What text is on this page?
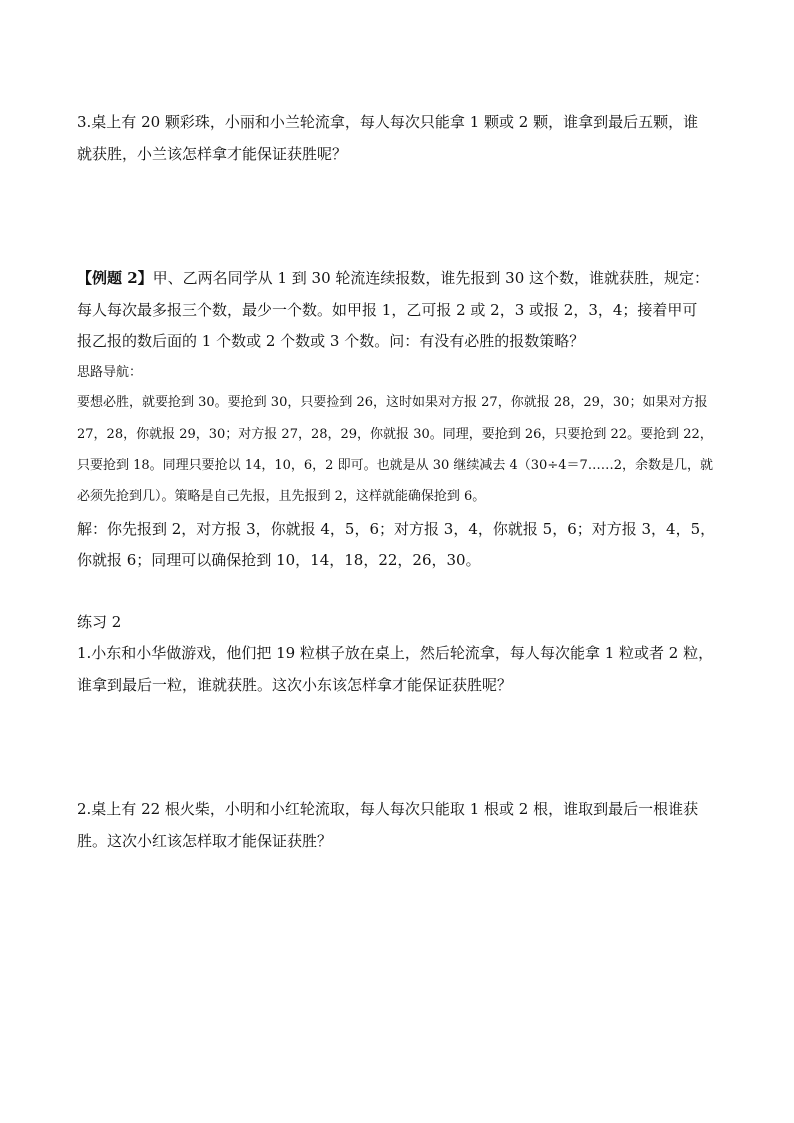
3.桌上有 20 颗彩珠，小丽和小兰轮流拿，每人每次只能拿 1 颗或 2 颗，谁拿到最后五颗，谁
就获胜，小兰该怎样拿才能保证获胜呢？
【例题 2】甲、乙两名同学从 1 到 30 轮流连续报数，谁先报到 30 这个数，谁就获胜，规定：
每人每次最多报三个数，最少一个数。如甲报 1，乙可报 2 或 2，3 或报 2，3，4；接着甲可
报乙报的数后面的 1 个数或 2 个数或 3 个数。问：有没有必胜的报数策略？
思路导航：
要想必胜，就要抢到 30。要抢到 30，只要捡到 26，这时如果对方报 27，你就报 28，29，30；如果对方报
27，28，你就报 29，30；对方报 27，28，29，你就报 30。同理，要抢到 26，只要抢到 22。要抢到 22，
只要抢到 18。同理只要抢以 14，10，6，2 即可。也就是从 30 继续减去 4（30÷4＝7……2，余数是几，就
必须先抢到几）。策略是自己先报，且先报到 2，这样就能确保抢到 6。
解：你先报到 2，对方报 3，你就报 4，5，6；对方报 3，4，你就报 5，6；对方报 3，4，5，
你就报 6；同理可以确保抢到 10，14，18，22，26，30。
练习 2
1.小东和小华做游戏，他们把 19 粒棋子放在桌上，然后轮流拿，每人每次能拿 1 粒或者 2 粒，
谁拿到最后一粒，谁就获胜。这次小东该怎样拿才能保证获胜呢？
2.桌上有 22 根火柴，小明和小红轮流取，每人每次只能取 1 根或 2 根，谁取到最后一根谁获
胜。这次小红该怎样取才能保证获胜？
